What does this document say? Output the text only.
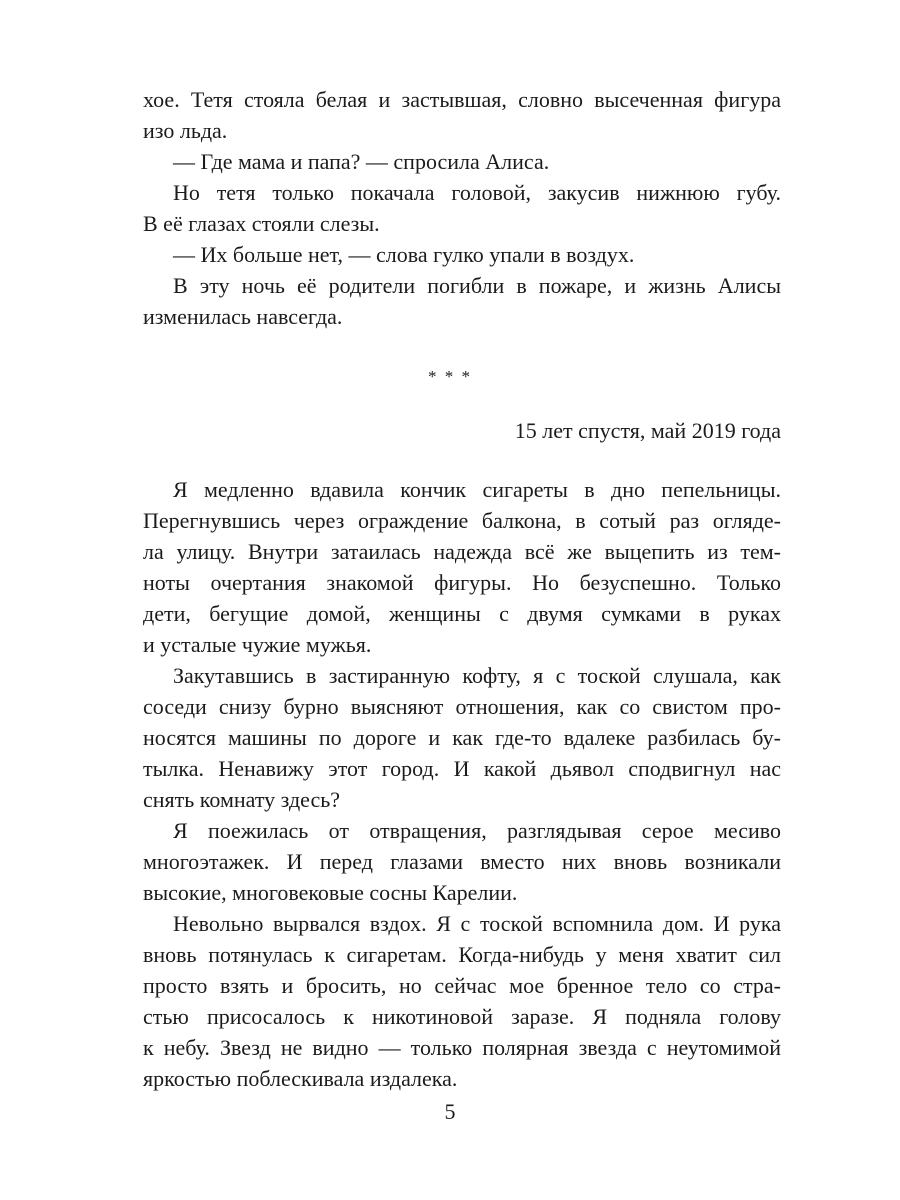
хое. Тетя стояла белая и застывшая, словно высеченная фигура
изо льда.
— Где мама и папа? — спросила Алиса.
Но тетя только покачала головой, закусив нижнюю губу.
В её глазах стояли слезы.
— Их больше нет, — слова гулко упали в воздух.
В эту ночь её родители погибли в пожаре, и жизнь Алисы
изменилась навсегда.
* * *
15 лет спустя, май 2019 года
Я медленно вдавила кончик сигареты в дно пепельницы.
Перегнувшись через ограждение балкона, в сотый раз огляде-
ла улицу. Внутри затаилась надежда всё же выцепить из тем-
ноты очертания знакомой фигуры. Но безуспешно. Только
дети, бегущие домой, женщины с двумя сумками в руках
и усталые чужие мужья.
Закутавшись в застиранную кофту, я с тоской слушала, как
соседи снизу бурно выясняют отношения, как со свистом про-
носятся машины по дороге и как где-то вдалеке разбилась бу-
тылка. Ненавижу этот город. И какой дьявол сподвигнул нас
снять комнату здесь?
Я поежилась от отвращения, разглядывая серое месиво
многоэтажек. И перед глазами вместо них вновь возникали
высокие, многовековые сосны Карелии.
Невольно вырвался вздох. Я с тоской вспомнила дом. И рука
вновь потянулась к сигаретам. Когда-нибудь у меня хватит сил
просто взять и бросить, но сейчас мое бренное тело со стра-
стью присосалось к никотиновой заразе. Я подняла голову
к небу. Звезд не видно — только полярная звезда с неутомимой
яркостью поблескивала издалека.
5
